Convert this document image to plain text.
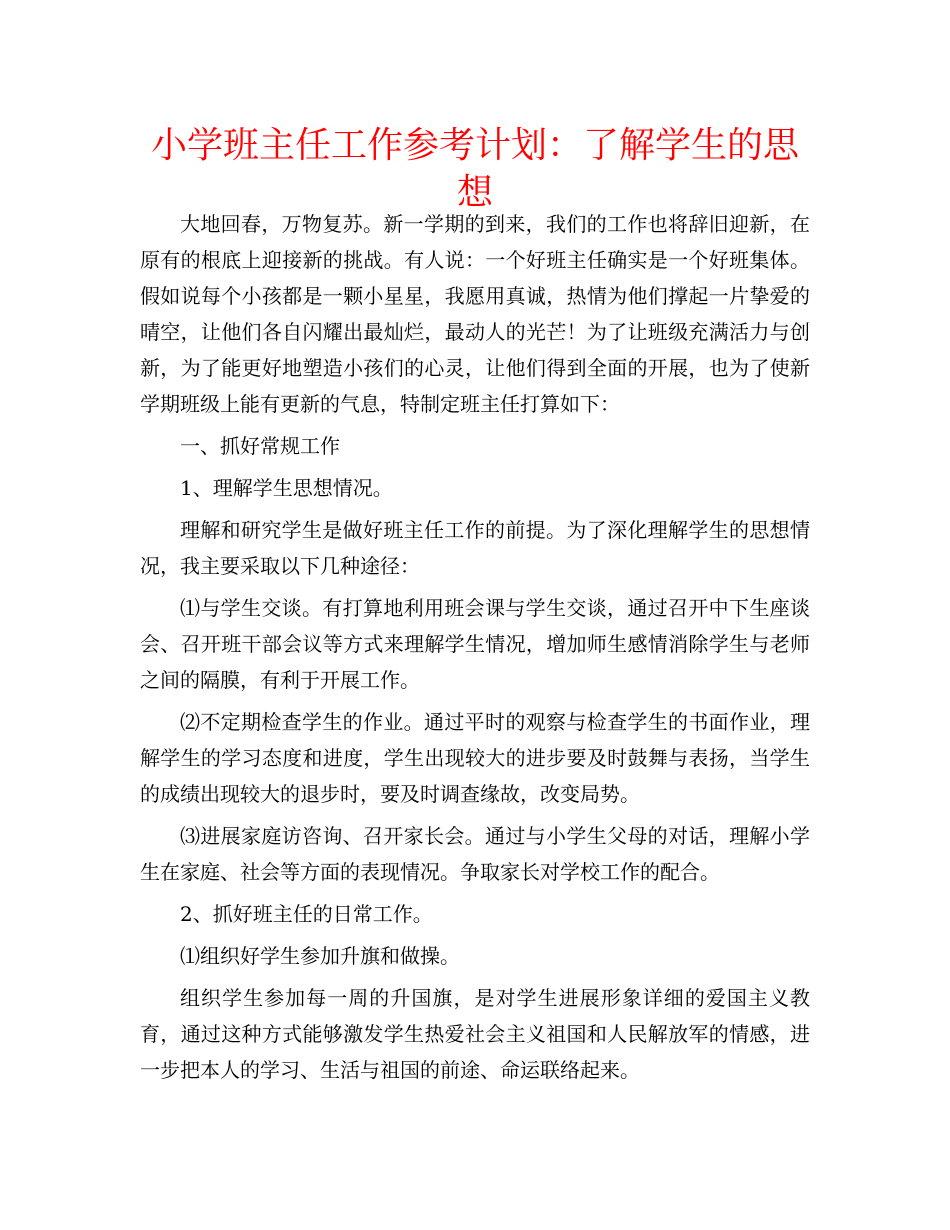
小学班主任工作参考计划：了解学生的思想

大地回春，万物复苏。新一学期的到来，我们的工作也将辞旧迎新，在原有的根底上迎接新的挑战。有人说：一个好班主任确实是一个好班集体。假如说每个小孩都是一颗小星星，我愿用真诚，热情为他们撑起一片挚爱的晴空，让他们各自闪耀出最灿烂，最动人的光芒！为了让班级充满活力与创新，为了能更好地塑造小孩们的心灵，让他们得到全面的开展，也为了使新学期班级上能有更新的气息，特制定班主任打算如下：

一、抓好常规工作

1、理解学生思想情况。

理解和研究学生是做好班主任工作的前提。为了深化理解学生的思想情况，我主要采取以下几种途径：

⑴与学生交谈。有打算地利用班会课与学生交谈，通过召开中下生座谈会、召开班干部会议等方式来理解学生情况，增加师生感情消除学生与老师之间的隔膜，有利于开展工作。

⑵不定期检查学生的作业。通过平时的观察与检查学生的书面作业，理解学生的学习态度和进度，学生出现较大的进步要及时鼓舞与表扬，当学生的成绩出现较大的退步时，要及时调查缘故，改变局势。

⑶进展家庭访咨询、召开家长会。通过与小学生父母的对话，理解小学生在家庭、社会等方面的表现情况。争取家长对学校工作的配合。

2、抓好班主任的日常工作。

⑴组织好学生参加升旗和做操。

组织学生参加每一周的升国旗，是对学生进展形象详细的爱国主义教育，通过这种方式能够激发学生热爱社会主义祖国和人民解放军的情感，进一步把本人的学习、生活与祖国的前途、命运联络起来。
